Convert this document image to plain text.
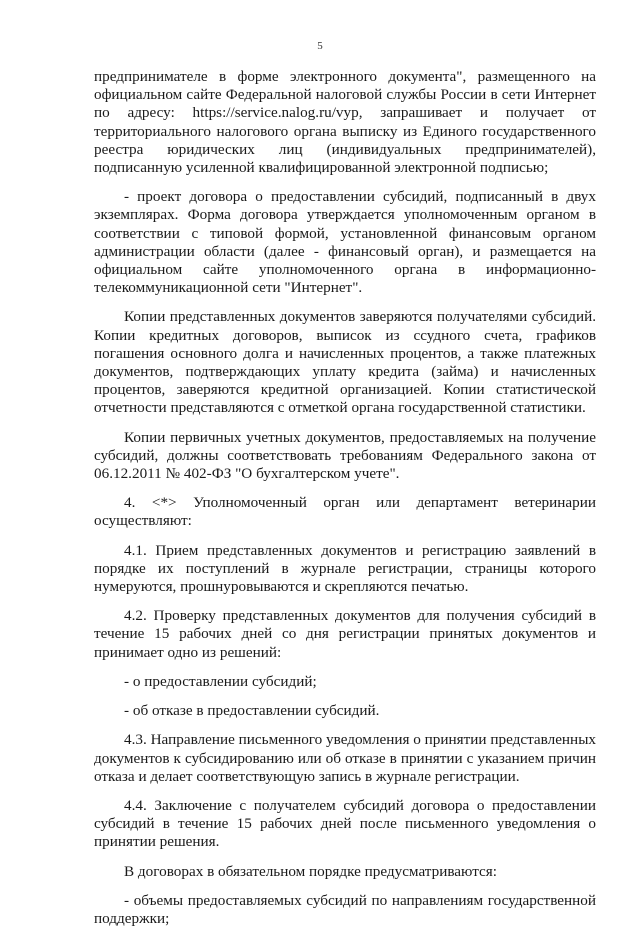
5

предпринимателе в форме электронного документа", размещенного на официальном сайте Федеральной налоговой службы России в сети Интернет по адресу: https://service.nalog.ru/vyp, запрашивает и получает от территориального налогового органа выписку из Единого государственного реестра юридических лиц (индивидуальных предпринимателей), подписанную усиленной квалифицированной электронной подписью;

- проект договора о предоставлении субсидий, подписанный в двух экземплярах. Форма договора утверждается уполномоченным органом в соответствии с типовой формой, установленной финансовым органом администрации области (далее - финансовый орган), и размещается на официальном сайте уполномоченного органа в информационно-телекоммуникационной сети "Интернет".

Копии представленных документов заверяются получателями субсидий. Копии кредитных договоров, выписок из ссудного счета, графиков погашения основного долга и начисленных процентов, а также платежных документов, подтверждающих уплату кредита (займа) и начисленных процентов, заверяются кредитной организацией. Копии статистической отчетности представляются с отметкой органа государственной статистики.

Копии первичных учетных документов, предоставляемых на получение субсидий, должны соответствовать требованиям Федерального закона от 06.12.2011 № 402-ФЗ "О бухгалтерском учете".

4. <*> Уполномоченный орган или департамент ветеринарии осуществляют:

4.1. Прием представленных документов и регистрацию заявлений в порядке их поступлений в журнале регистрации, страницы которого нумеруются, прошнуровываются и скрепляются печатью.

4.2. Проверку представленных документов для получения субсидий в течение 15 рабочих дней со дня регистрации принятых документов и принимает одно из решений:

- о предоставлении субсидий;

- об отказе в предоставлении субсидий.

4.3. Направление письменного уведомления о принятии представленных документов к субсидированию или об отказе в принятии с указанием причин отказа и делает соответствующую запись в журнале регистрации.

4.4. Заключение с получателем субсидий договора о предоставлении субсидий в течение 15 рабочих дней после письменного уведомления о принятии решения.

В договорах в обязательном порядке предусматриваются:

- объемы предоставляемых субсидий по направлениям государственной поддержки;
